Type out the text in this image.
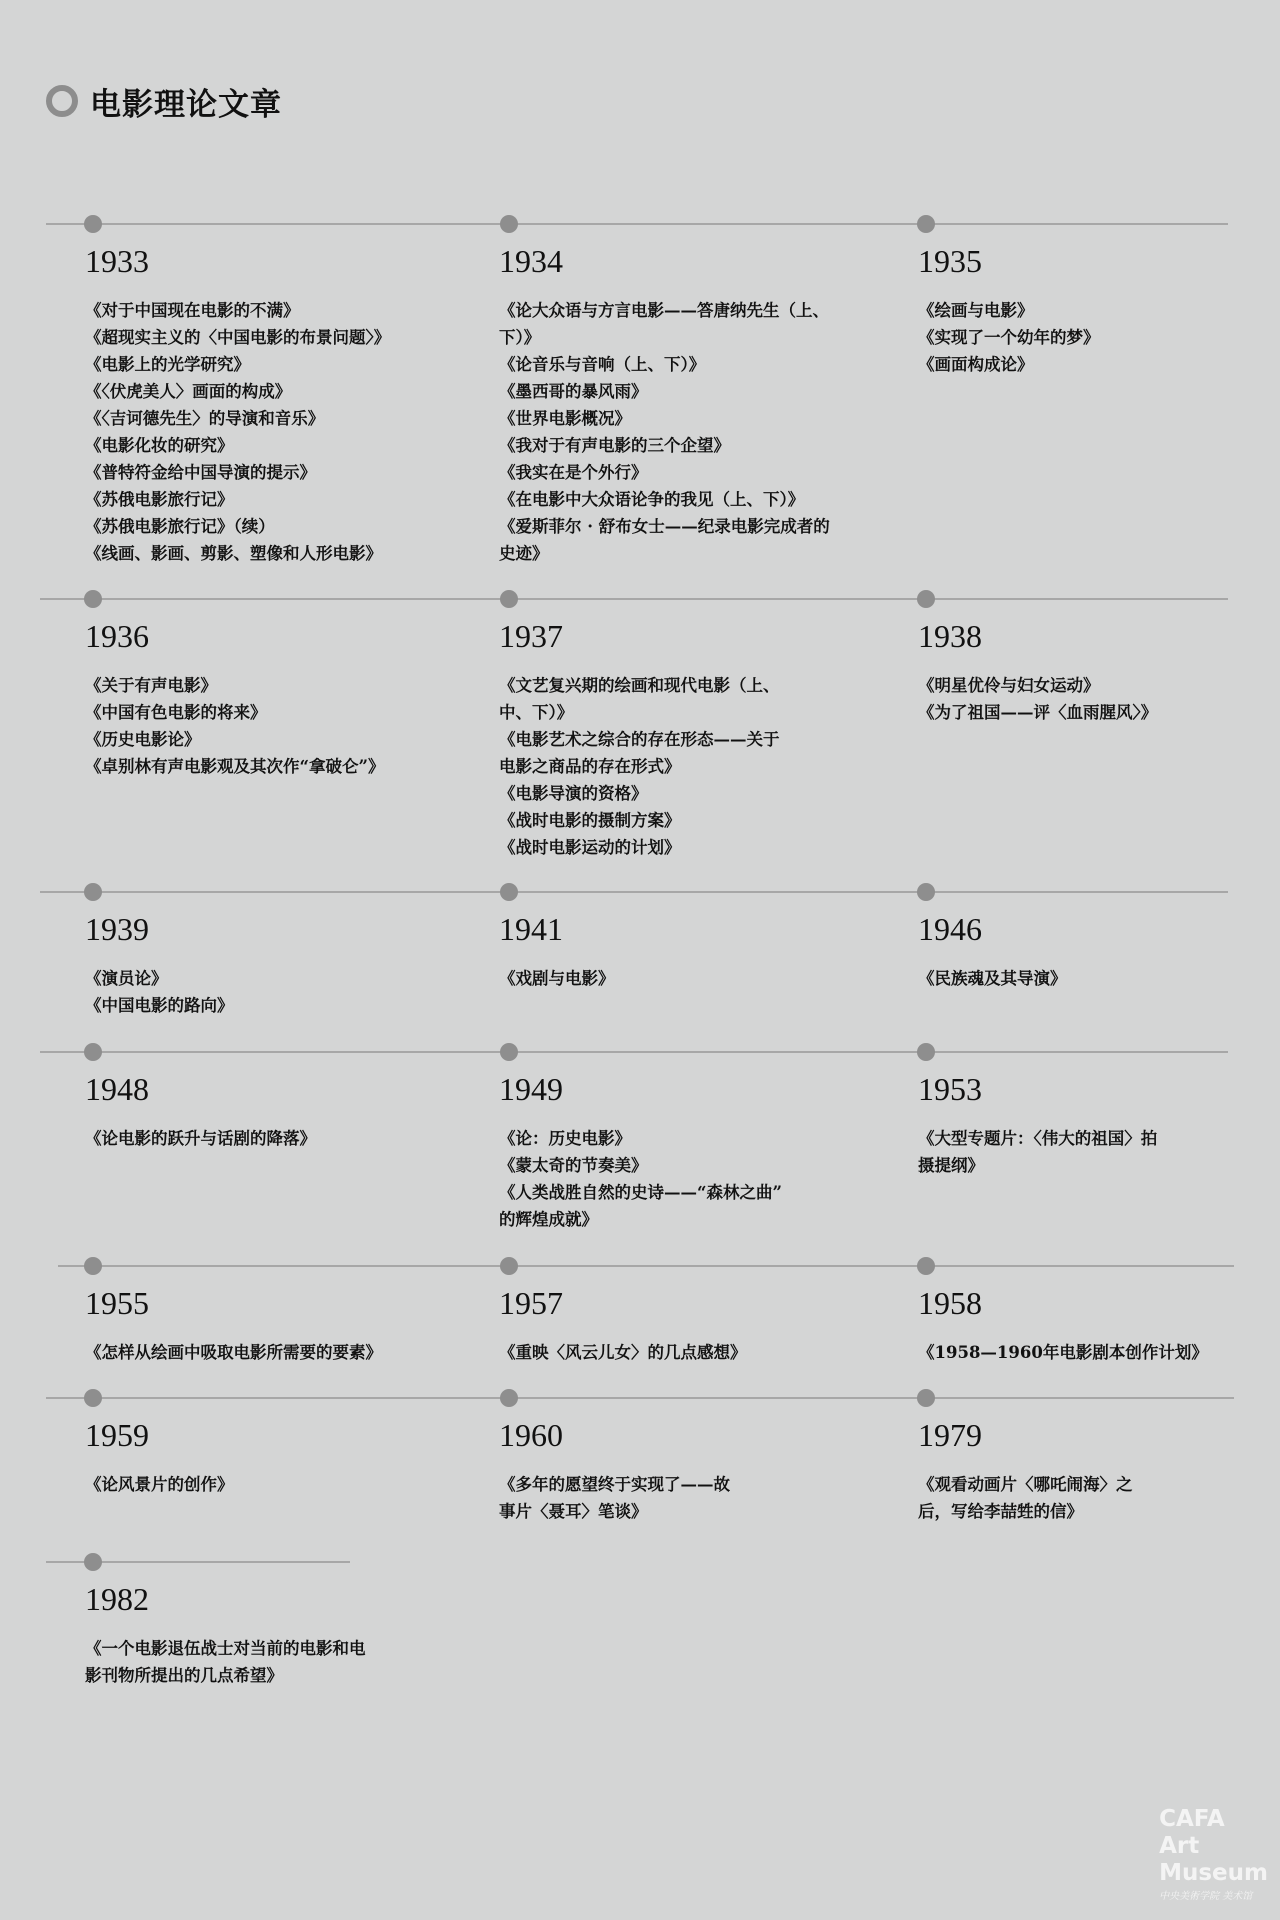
电影理论文章
1933
《对于中国现在电影的不满》
《超现实主义的〈中国电影的布景问题〉》
《电影上的光学研究》
《〈伏虎美人〉画面的构成》
《〈吉诃德先生〉的导演和音乐》
《电影化妆的研究》
《普特符金给中国导演的提示》
《苏俄电影旅行记》
《苏俄电影旅行记》（续）
《线画、影画、剪影、塑像和人形电影》
1934
《论大众语与方言电影——答唐纳先生（上、
下）》
《论音乐与音响（上、下）》
《墨西哥的暴风雨》
《世界电影概况》
《我对于有声电影的三个企望》
《我实在是个外行》
《在电影中大众语论争的我见（上、下）》
《爱斯菲尔 · 舒布女士——纪录电影完成者的
史迹》
1935
《绘画与电影》
《实现了一个幼年的梦》
《画面构成论》
1936
《关于有声电影》
《中国有色电影的将来》
《历史电影论》
《卓别林有声电影观及其次作“拿破仑”》
1937
《文艺复兴期的绘画和现代电影（上、
中、下）》
《电影艺术之综合的存在形态——关于
电影之商品的存在形式》
《电影导演的资格》
《战时电影的摄制方案》
《战时电影运动的计划》
1938
《明星优伶与妇女运动》
《为了祖国——评〈血雨腥风〉》
1939
《演员论》
《中国电影的路向》
1941
《戏剧与电影》
1946
《民族魂及其导演》
1948
《论电影的跃升与话剧的降落》
1949
《论：历史电影》
《蒙太奇的节奏美》
《人类战胜自然的史诗——“森林之曲”
的辉煌成就》
1953
《大型专题片：〈伟大的祖国〉拍
摄提纲》
1955
《怎样从绘画中吸取电影所需要的要素》
1957
《重映〈风云儿女〉的几点感想》
1958
《1958—1960年电影剧本创作计划》
1959
《论风景片的创作》
1960
《多年的愿望终于实现了——故
事片〈聂耳〉笔谈》
1979
《观看动画片〈哪吒闹海〉之
后，写给李喆甡的信》
1982
《一个电影退伍战士对当前的电影和电
影刊物所提出的几点希望》
CAFA
Art
Museum
中央美術学院 美术馆
